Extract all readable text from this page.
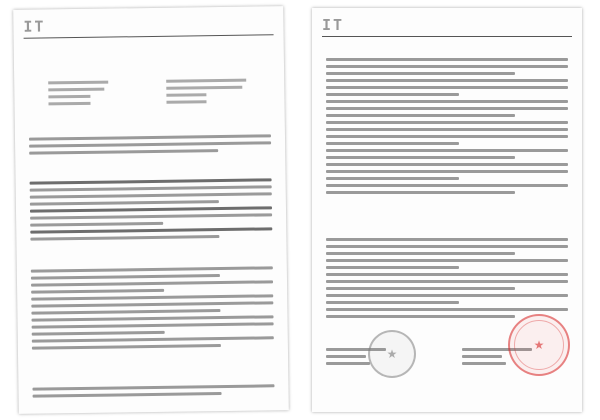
IT	IT
★
★
